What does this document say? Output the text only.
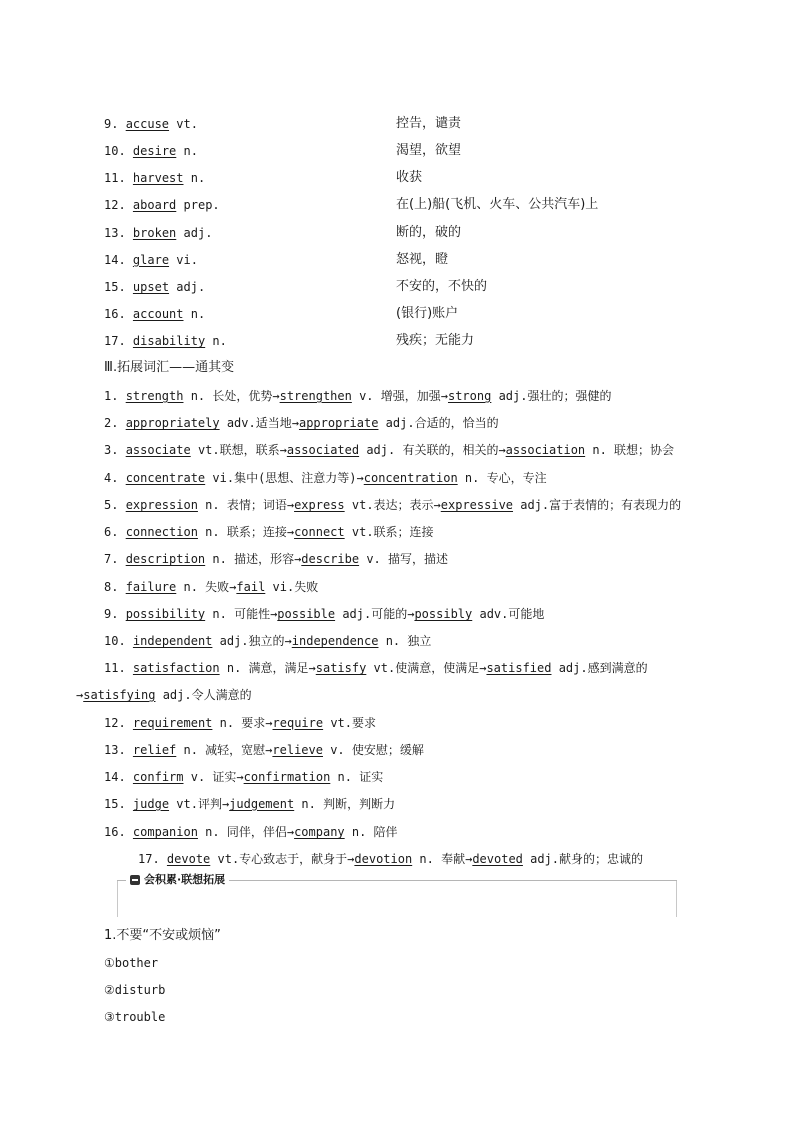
9. accuse vt.	控告，谴责
10. desire n.	渴望，欲望
11. harvest n.	收获
12. aboard prep.	在(上)船(飞机、火车、公共汽车)上
13. broken adj.	断的，破的
14. glare vi.	怒视，瞪
15. upset adj.	不安的，不快的
16. account n.	(银行)账户
17. disability n.	残疾；无能力
Ⅲ.拓展词汇——通其变
1. strength n. 长处，优势→strengthen v. 增强，加强→strong adj.强壮的；强健的
2. appropriately adv.适当地→appropriate adj.合适的，恰当的
3. associate vt.联想，联系→associated adj. 有关联的，相关的→association n. 联想；协会
4. concentrate vi.集中(思想、注意力等)→concentration n. 专心，专注
5. expression n. 表情；词语→express vt.表达；表示→expressive adj.富于表情的；有表现力的
6. connection n. 联系；连接→connect vt.联系；连接
7. description n. 描述，形容→describe v. 描写，描述
8. failure n. 失败→fail vi.失败
9. possibility n. 可能性→possible adj.可能的→possibly adv.可能地
10. independent adj.独立的→independence n. 独立
11. satisfaction n. 满意，满足→satisfy vt.使满意，使满足→satisfied adj.感到满意的
→satisfying adj.令人满意的
12. requirement n. 要求→require vt.要求
13. relief n. 减轻，宽慰→relieve v. 使安慰；缓解
14. confirm v. 证实→confirmation n. 证实
15. judge vt.评判→judgement n. 判断，判断力
16. companion n. 同伴，伴侣→company n. 陪伴
17. devote vt.专心致志于，献身于→devotion n. 奉献→devoted adj.献身的；忠诚的
会积累·联想拓展
1.不要“不安或烦恼”
①bother
②disturb
③trouble
